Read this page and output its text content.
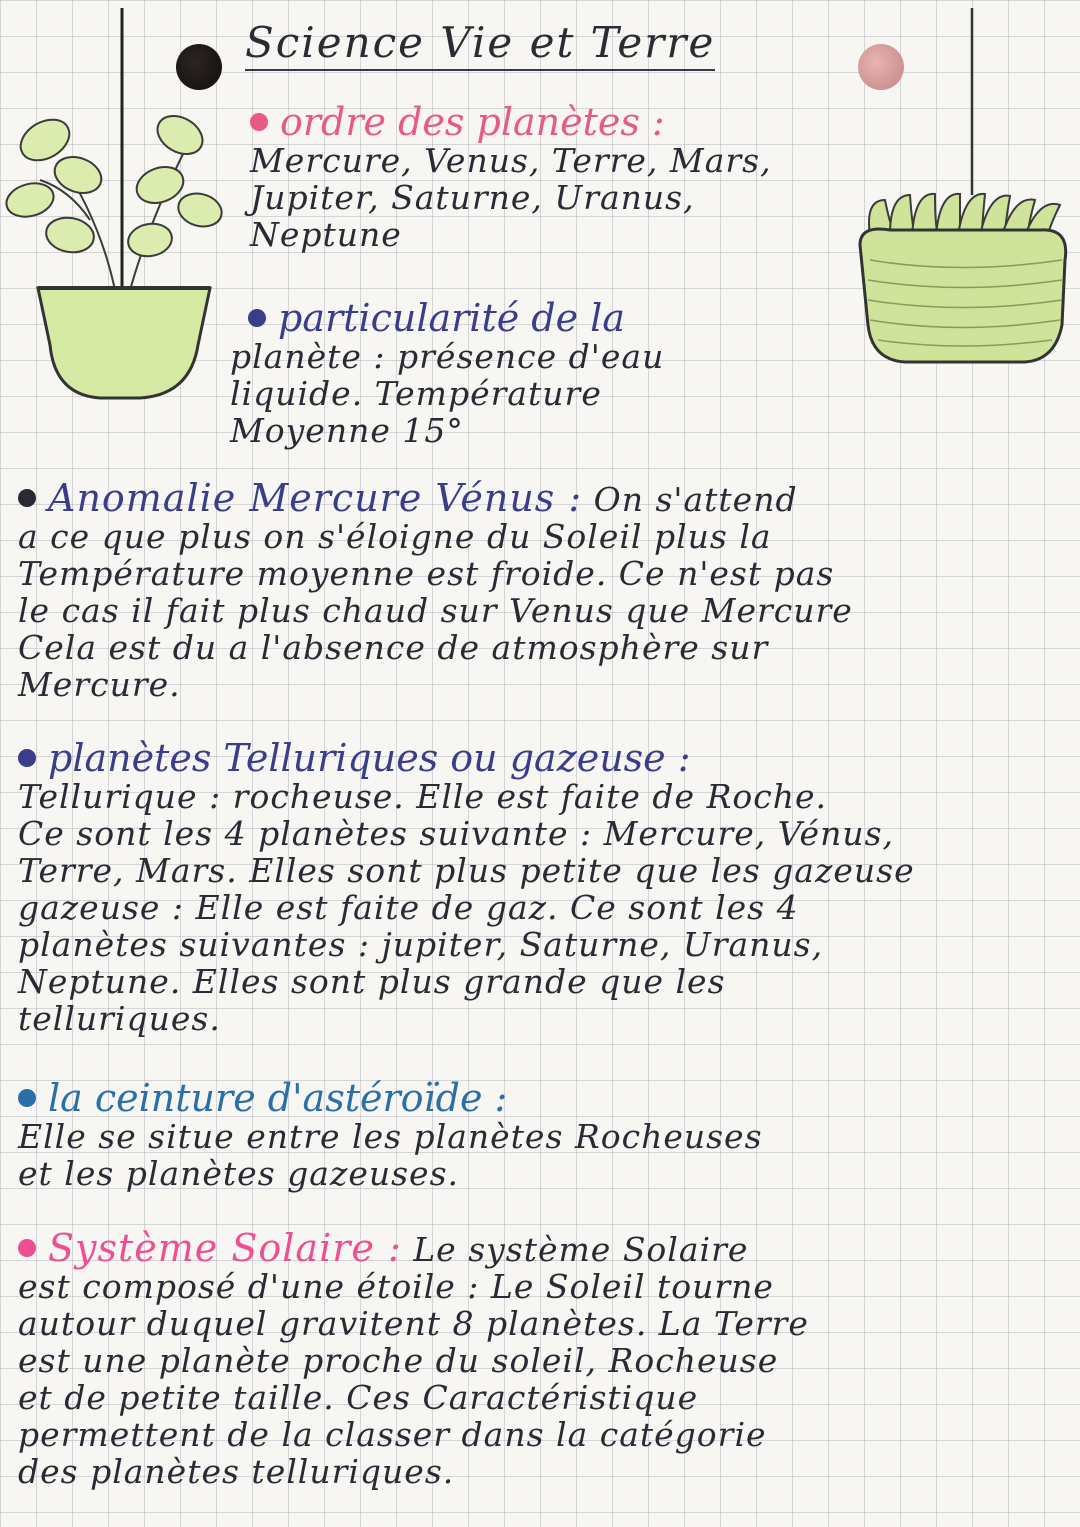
Science Vie et Terre
ordre des planètes :
Mercure, Venus, Terre, Mars,
Jupiter, Saturne, Uranus,
Neptune
particularité de la
planète : présence d'eau
liquide. Température
Moyenne 15°
Anomalie Mercure Vénus : On s'attend
a ce que plus on s'éloigne du Soleil plus la
Température moyenne est froide. Ce n'est pas
le cas il fait plus chaud sur Venus que Mercure
Cela est du a l'absence de atmosphère sur
Mercure.
planètes Telluriques ou gazeuse :
Tellurique : rocheuse. Elle est faite de Roche.
Ce sont les 4 planètes suivante : Mercure, Vénus,
Terre, Mars. Elles sont plus petite que les gazeuse
gazeuse : Elle est faite de gaz. Ce sont les 4
planètes suivantes : jupiter, Saturne, Uranus,
Neptune. Elles sont plus grande que les
telluriques.
la ceinture d'astéroïde :
Elle se situe entre les planètes Rocheuses
et les planètes gazeuses.
Système Solaire : Le système Solaire
est composé d'une étoile : Le Soleil tourne
autour duquel gravitent 8 planètes. La Terre
est une planète proche du soleil, Rocheuse
et de petite taille. Ces Caractéristique
permettent de la classer dans la catégorie
des planètes telluriques.
